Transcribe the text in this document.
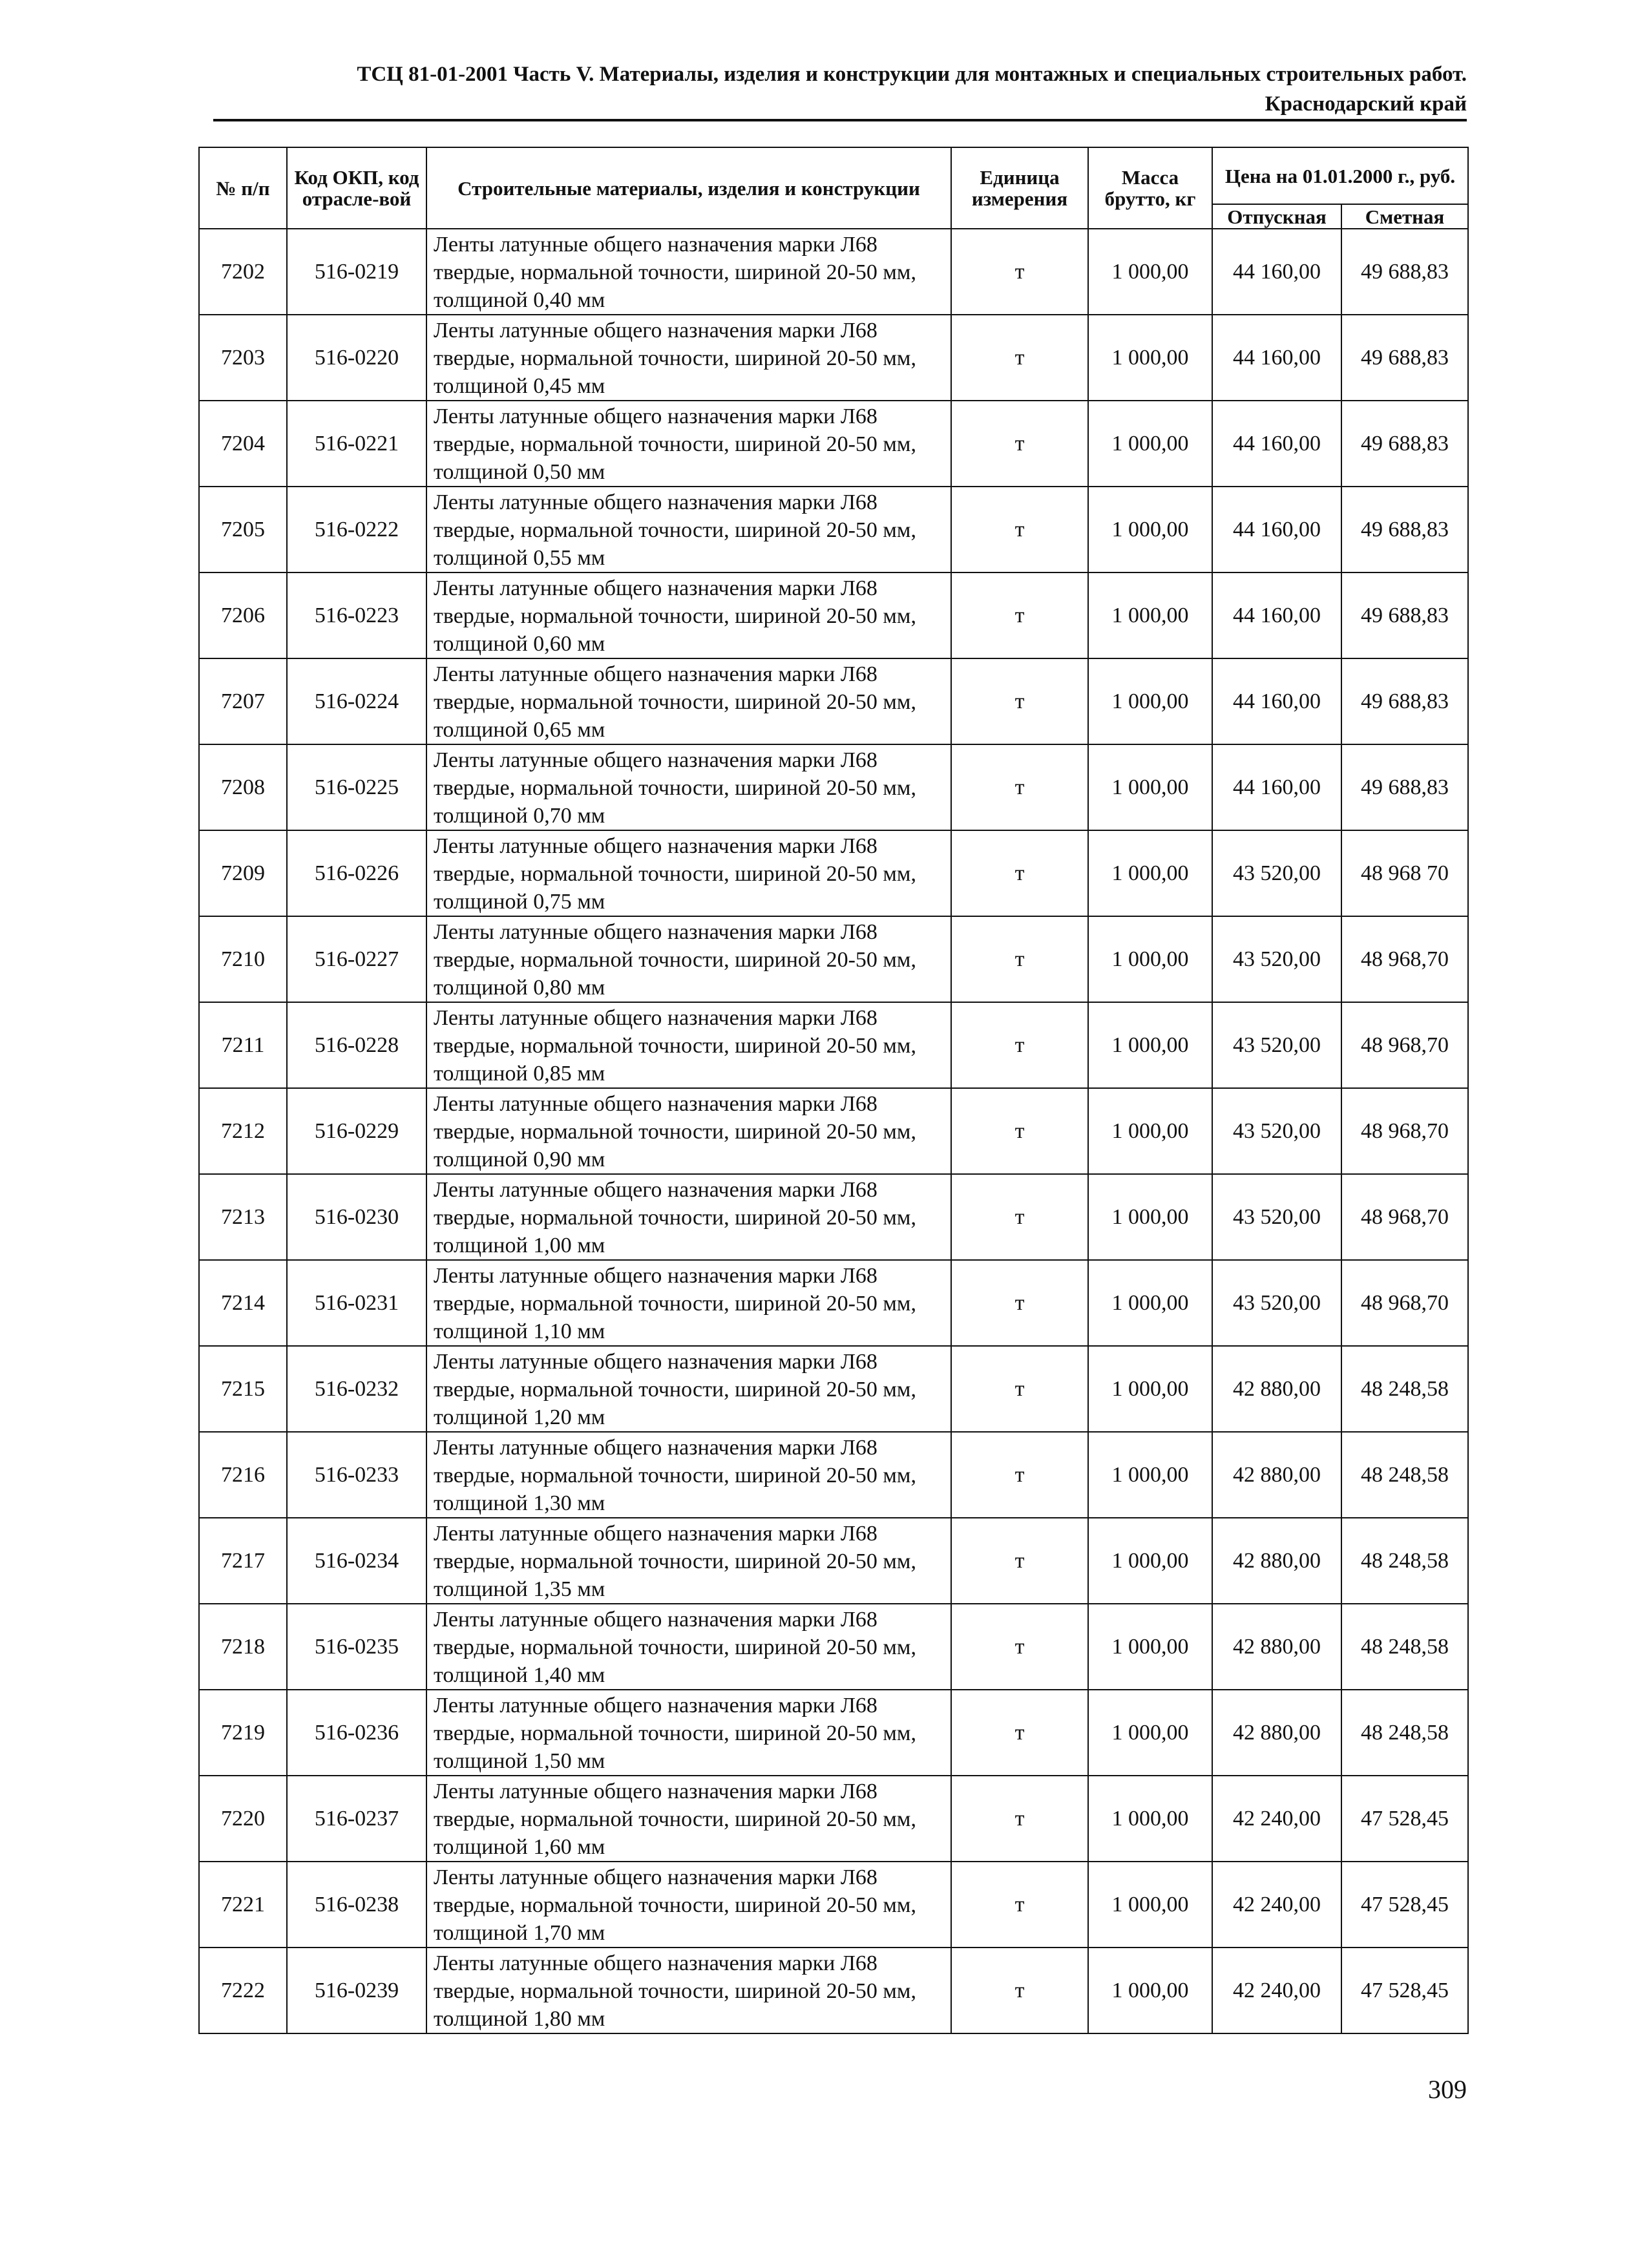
ТСЦ 81-01-2001 Часть V. Материалы, изделия и конструкции для монтажных и специальных строительных работ.
Краснодарский край
№ п/п	Код ОКП, код отрасле-вой	Строительные материалы, изделия и конструкции	Единица измерения	Масса брутто, кг	Цена на 01.01.2000 г., руб.	
					Отпускная	Сметная
7202	516-0219	Ленты латунные общего назначения марки Л68 твердые, нормальной точности, шириной 20-50 мм, толщиной 0,40 мм	т	1 000,00	44 160,00	49 688,83
7203	516-0220	Ленты латунные общего назначения марки Л68 твердые, нормальной точности, шириной 20-50 мм, толщиной 0,45 мм	т	1 000,00	44 160,00	49 688,83
7204	516-0221	Ленты латунные общего назначения марки Л68 твердые, нормальной точности, шириной 20-50 мм, толщиной 0,50 мм	т	1 000,00	44 160,00	49 688,83
7205	516-0222	Ленты латунные общего назначения марки Л68 твердые, нормальной точности, шириной 20-50 мм, толщиной 0,55 мм	т	1 000,00	44 160,00	49 688,83
7206	516-0223	Ленты латунные общего назначения марки Л68 твердые, нормальной точности, шириной 20-50 мм, толщиной 0,60 мм	т	1 000,00	44 160,00	49 688,83
7207	516-0224	Ленты латунные общего назначения марки Л68 твердые, нормальной точности, шириной 20-50 мм, толщиной 0,65 мм	т	1 000,00	44 160,00	49 688,83
7208	516-0225	Ленты латунные общего назначения марки Л68 твердые, нормальной точности, шириной 20-50 мм, толщиной 0,70 мм	т	1 000,00	44 160,00	49 688,83
7209	516-0226	Ленты латунные общего назначения марки Л68 твердые, нормальной точности, шириной 20-50 мм, толщиной 0,75 мм	т	1 000,00	43 520,00	48 968 70
7210	516-0227	Ленты латунные общего назначения марки Л68 твердые, нормальной точности, шириной 20-50 мм, толщиной 0,80 мм	т	1 000,00	43 520,00	48 968,70
7211	516-0228	Ленты латунные общего назначения марки Л68 твердые, нормальной точности, шириной 20-50 мм, толщиной 0,85 мм	т	1 000,00	43 520,00	48 968,70
7212	516-0229	Ленты латунные общего назначения марки Л68 твердые, нормальной точности, шириной 20-50 мм, толщиной 0,90 мм	т	1 000,00	43 520,00	48 968,70
7213	516-0230	Ленты латунные общего назначения марки Л68 твердые, нормальной точности, шириной 20-50 мм, толщиной 1,00 мм	т	1 000,00	43 520,00	48 968,70
7214	516-0231	Ленты латунные общего назначения марки Л68 твердые, нормальной точности, шириной 20-50 мм, толщиной 1,10 мм	т	1 000,00	43 520,00	48 968,70
7215	516-0232	Ленты латунные общего назначения марки Л68 твердые, нормальной точности, шириной 20-50 мм, толщиной 1,20 мм	т	1 000,00	42 880,00	48 248,58
7216	516-0233	Ленты латунные общего назначения марки Л68 твердые, нормальной точности, шириной 20-50 мм, толщиной 1,30 мм	т	1 000,00	42 880,00	48 248,58
7217	516-0234	Ленты латунные общего назначения марки Л68 твердые, нормальной точности, шириной 20-50 мм, толщиной 1,35 мм	т	1 000,00	42 880,00	48 248,58
7218	516-0235	Ленты латунные общего назначения марки Л68 твердые, нормальной точности, шириной 20-50 мм, толщиной 1,40 мм	т	1 000,00	42 880,00	48 248,58
7219	516-0236	Ленты латунные общего назначения марки Л68 твердые, нормальной точности, шириной 20-50 мм, толщиной 1,50 мм	т	1 000,00	42 880,00	48 248,58
7220	516-0237	Ленты латунные общего назначения марки Л68 твердые, нормальной точности, шириной 20-50 мм, толщиной 1,60 мм	т	1 000,00	42 240,00	47 528,45
7221	516-0238	Ленты латунные общего назначения марки Л68 твердые, нормальной точности, шириной 20-50 мм, толщиной 1,70 мм	т	1 000,00	42 240,00	47 528,45
7222	516-0239	Ленты латунные общего назначения марки Л68 твердые, нормальной точности, шириной 20-50 мм, толщиной 1,80 мм	т	1 000,00	42 240,00	47 528,45
309
